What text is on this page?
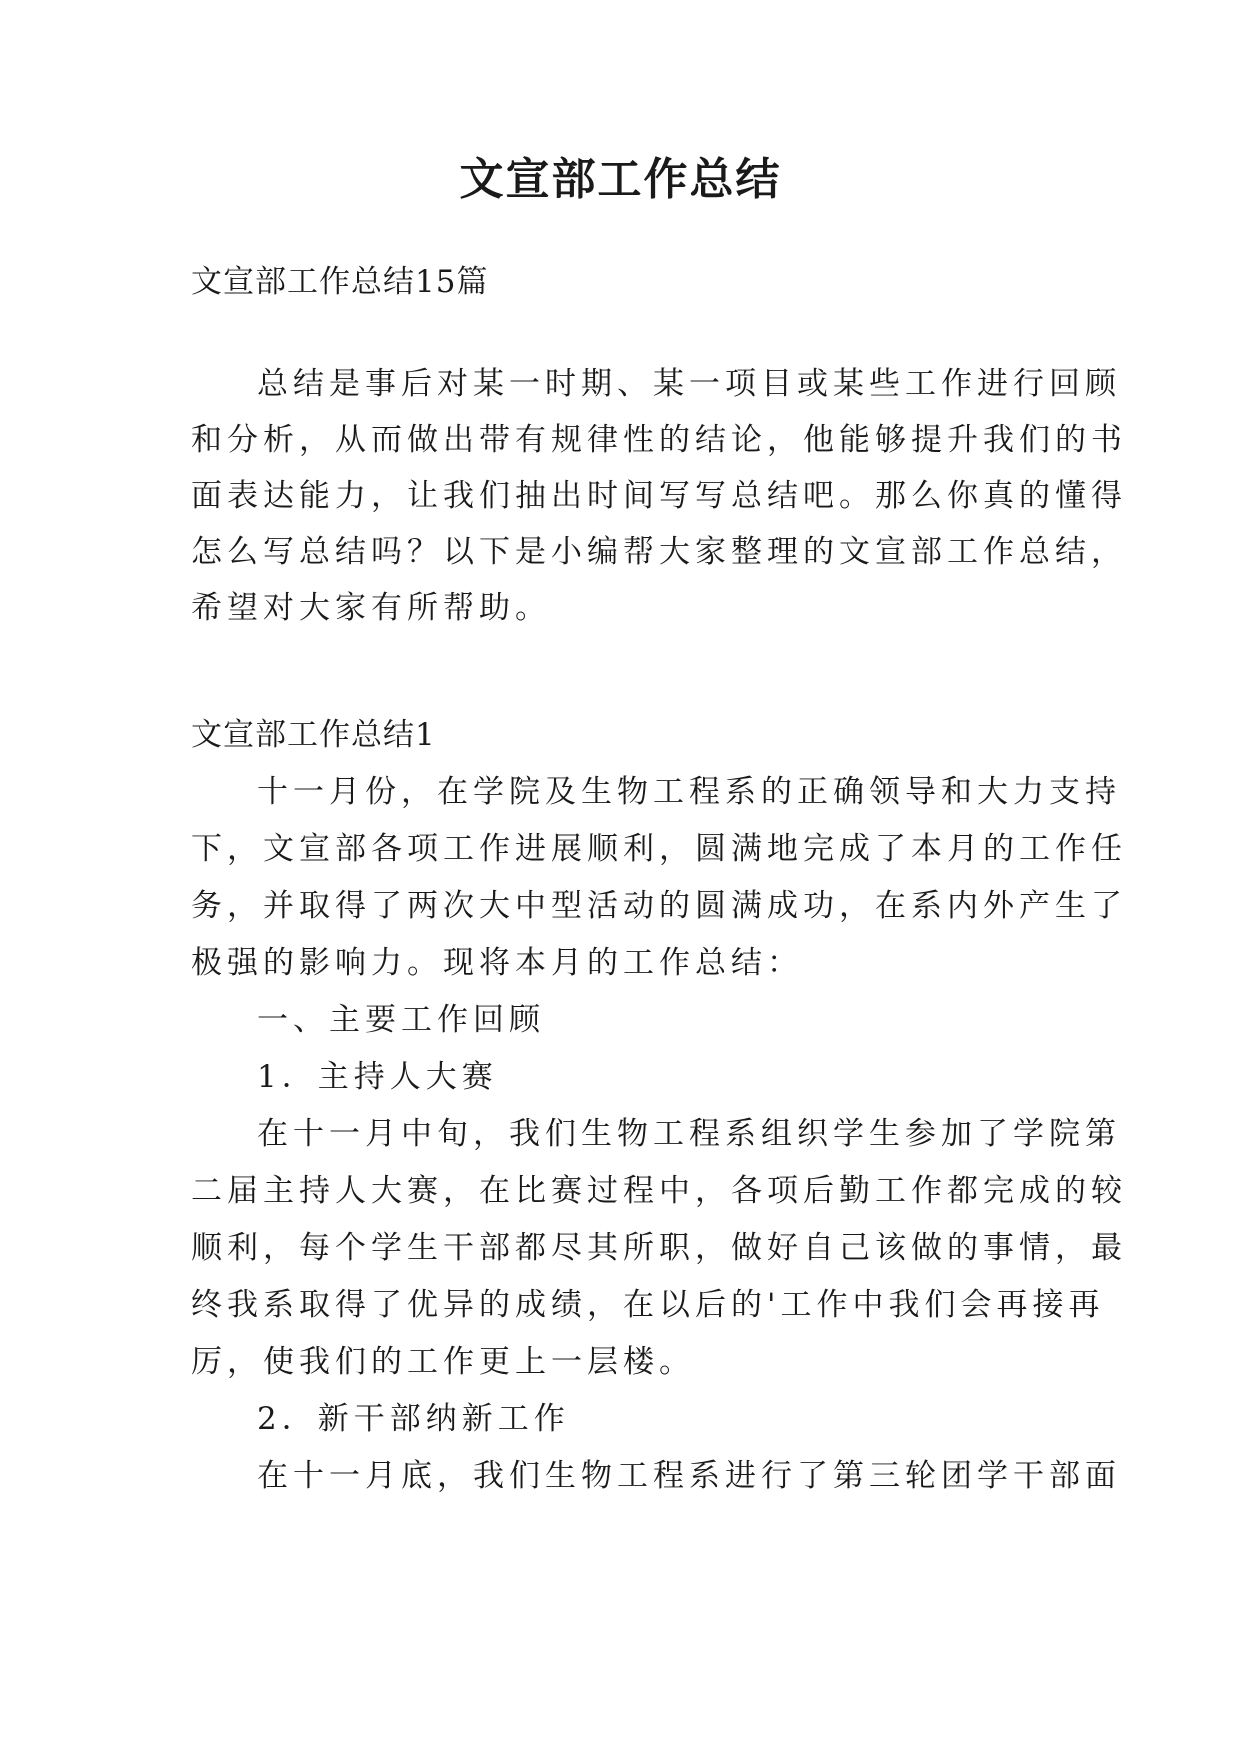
文宣部工作总结

文宣部工作总结15篇

总结是事后对某一时期、某一项目或某些工作进行回顾

和分析，从而做出带有规律性的结论，他能够提升我们的书

面表达能力，让我们抽出时间写写总结吧。那么你真的懂得

怎么写总结吗？以下是小编帮大家整理的文宣部工作总结，

希望对大家有所帮助。

文宣部工作总结1

十一月份，在学院及生物工程系的正确领导和大力支持

下，文宣部各项工作进展顺利，圆满地完成了本月的工作任

务，并取得了两次大中型活动的圆满成功，在系内外产生了

极强的影响力。现将本月的工作总结：

一、主要工作回顾

1．主持人大赛

在十一月中旬，我们生物工程系组织学生参加了学院第

二届主持人大赛，在比赛过程中，各项后勤工作都完成的较

顺利，每个学生干部都尽其所职，做好自己该做的事情，最

终我系取得了优异的成绩，在以后的'工作中我们会再接再

厉，使我们的工作更上一层楼。

2．新干部纳新工作

在十一月底，我们生物工程系进行了第三轮团学干部面
